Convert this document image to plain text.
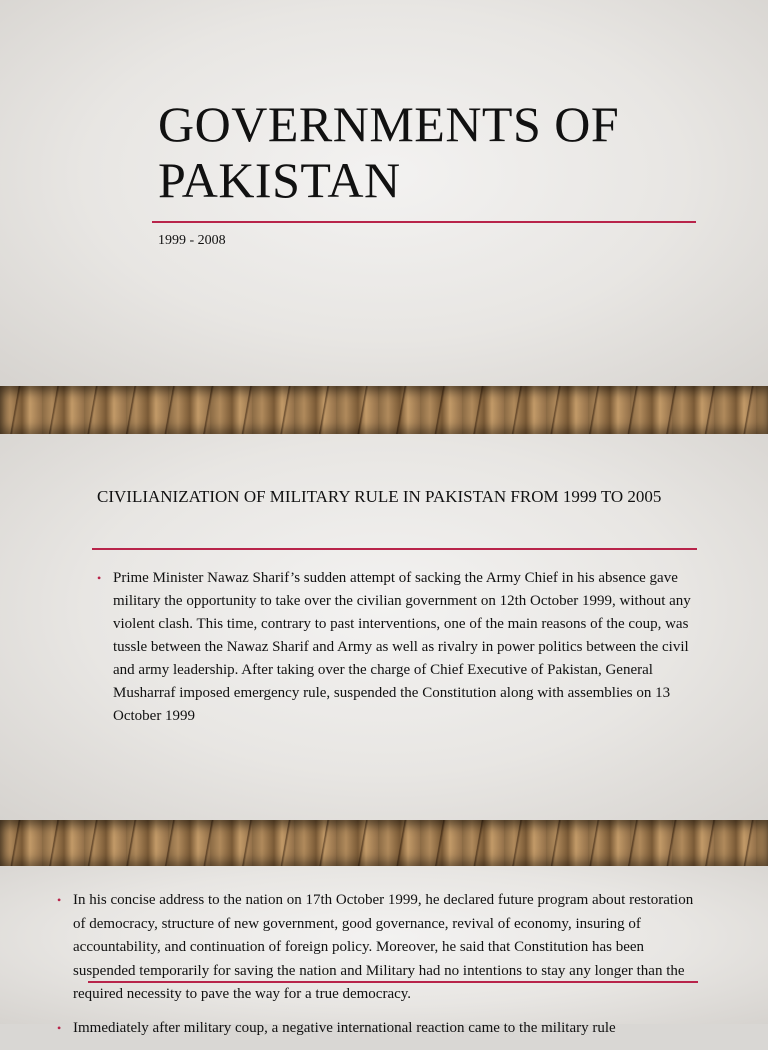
GOVERNMENTS OF PAKISTAN
1999 - 2008
CIVILIANIZATION OF MILITARY RULE IN PAKISTAN FROM 1999 TO 2005
• Prime Minister Nawaz Sharif’s sudden attempt of sacking the Army Chief in his absence gave military the opportunity to take over the civilian government on 12th October 1999, without any violent clash. This time, contrary to past interventions, one of the main reasons of the coup, was tussle between the Nawaz Sharif and Army as well as rivalry in power politics between the civil and army leadership. After taking over the charge of Chief Executive of Pakistan, General Musharraf imposed emergency rule, suspended the Constitution along with assemblies on 13 October 1999
• In his concise address to the nation on 17th October 1999, he declared future program about restoration of democracy, structure of new government, good governance, revival of economy, insuring of accountability, and continuation of foreign policy. Moreover, he said that Constitution has been suspended temporarily for saving the nation and Military had no intentions to stay any longer than the required necessity to pave the way for a true democracy.
• Immediately after military coup, a negative international reaction came to the military rule
